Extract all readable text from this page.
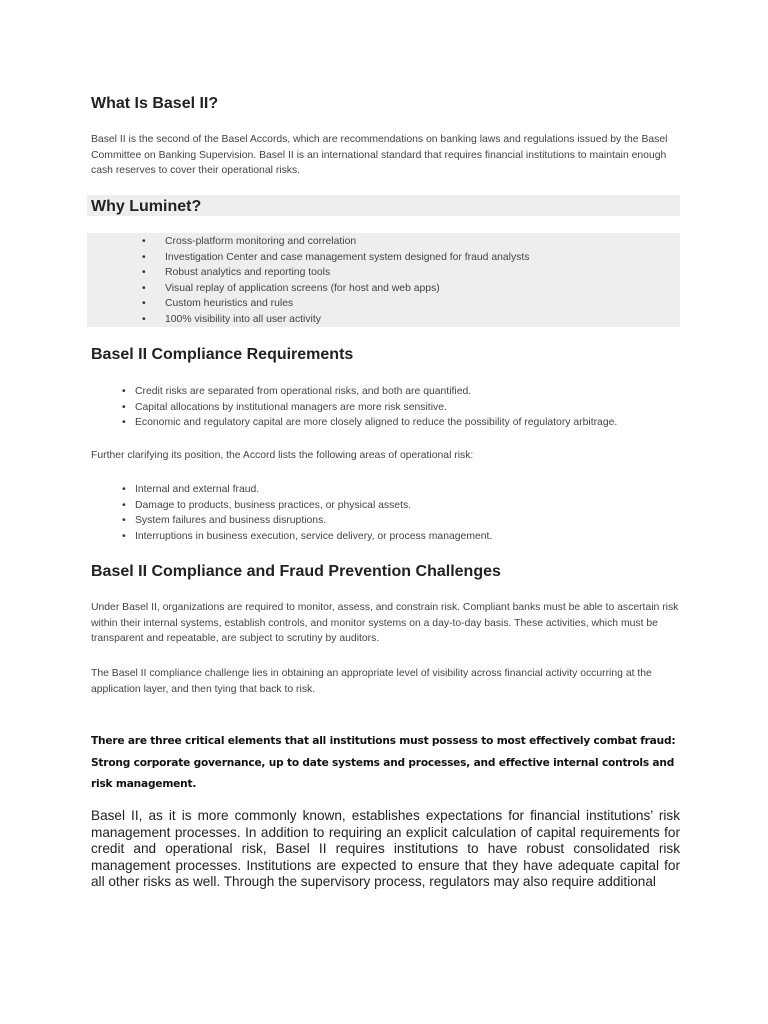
What Is Basel II?

Basel II is the second of the Basel Accords, which are recommendations on banking laws and regulations issued by the Basel Committee on Banking Supervision. Basel II is an international standard that requires financial institutions to maintain enough cash reserves to cover their operational risks.

Why Luminet?
• Cross-platform monitoring and correlation
• Investigation Center and case management system designed for fraud analysts
• Robust analytics and reporting tools
• Visual replay of application screens (for host and web apps)
• Custom heuristics and rules
• 100% visibility into all user activity
Basel II Compliance Requirements
• Credit risks are separated from operational risks, and both are quantified.
• Capital allocations by institutional managers are more risk sensitive.
• Economic and regulatory capital are more closely aligned to reduce the possibility of regulatory arbitrage.

Further clarifying its position, the Accord lists the following areas of operational risk:

• Internal and external fraud.
• Damage to products, business practices, or physical assets.
• System failures and business disruptions.
• Interruptions in business execution, service delivery, or process management.
Basel II Compliance and Fraud Prevention Challenges

Under Basel II, organizations are required to monitor, assess, and constrain risk. Compliant banks must be able to ascertain risk within their internal systems, establish controls, and monitor systems on a day-to-day basis. These activities, which must be transparent and repeatable, are subject to scrutiny by auditors.

The Basel II compliance challenge lies in obtaining an appropriate level of visibility across financial activity occurring at the application layer, and then tying that back to risk.

There are three critical elements that all institutions must possess to most effectively combat fraud: Strong corporate governance, up to date systems and processes, and effective internal controls and risk management.

Basel II, as it is more commonly known, establishes expectations for financial institutions’ risk management processes. In addition to requiring an explicit calculation of capital requirements for credit and operational risk, Basel II requires institutions to have robust consolidated risk management processes. Institutions are expected to ensure that they have adequate capital for all other risks as well. Through the supervisory process, regulators may also require additional
